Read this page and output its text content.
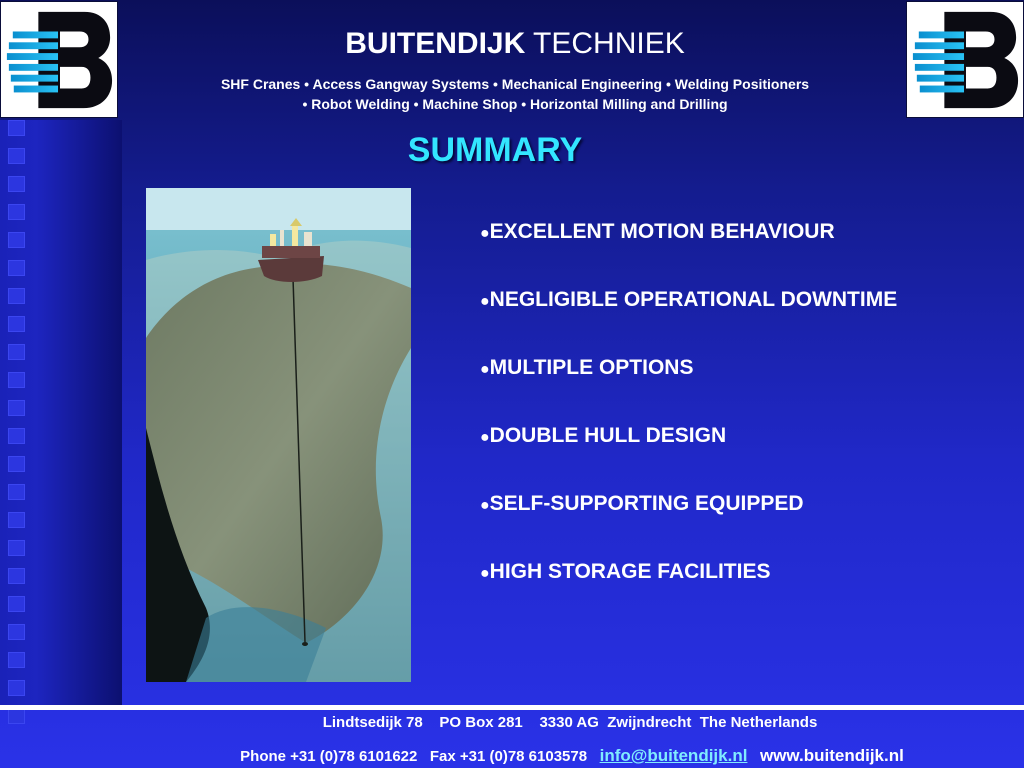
BUITENDIJK TECHNIEK
SHF Cranes • Access Gangway Systems • Mechanical Engineering • Welding Positioners
• Robot Welding • Machine Shop • Horizontal Milling and Drilling
SUMMARY
●EXCELLENT MOTION BEHAVIOUR
●NEGLIGIBLE OPERATIONAL DOWNTIME
●MULTIPLE OPTIONS
●DOUBLE HULL DESIGN
●SELF-SUPPORTING EQUIPPED
●HIGH STORAGE FACILITIES
Lindtsedijk 78    PO Box 281    3330 AG  Zwijndrecht  The Netherlands
Phone +31 (0)78 6101622   Fax +31 (0)78 6103578   info@buitendijk.nl www.buitendijk.nl
